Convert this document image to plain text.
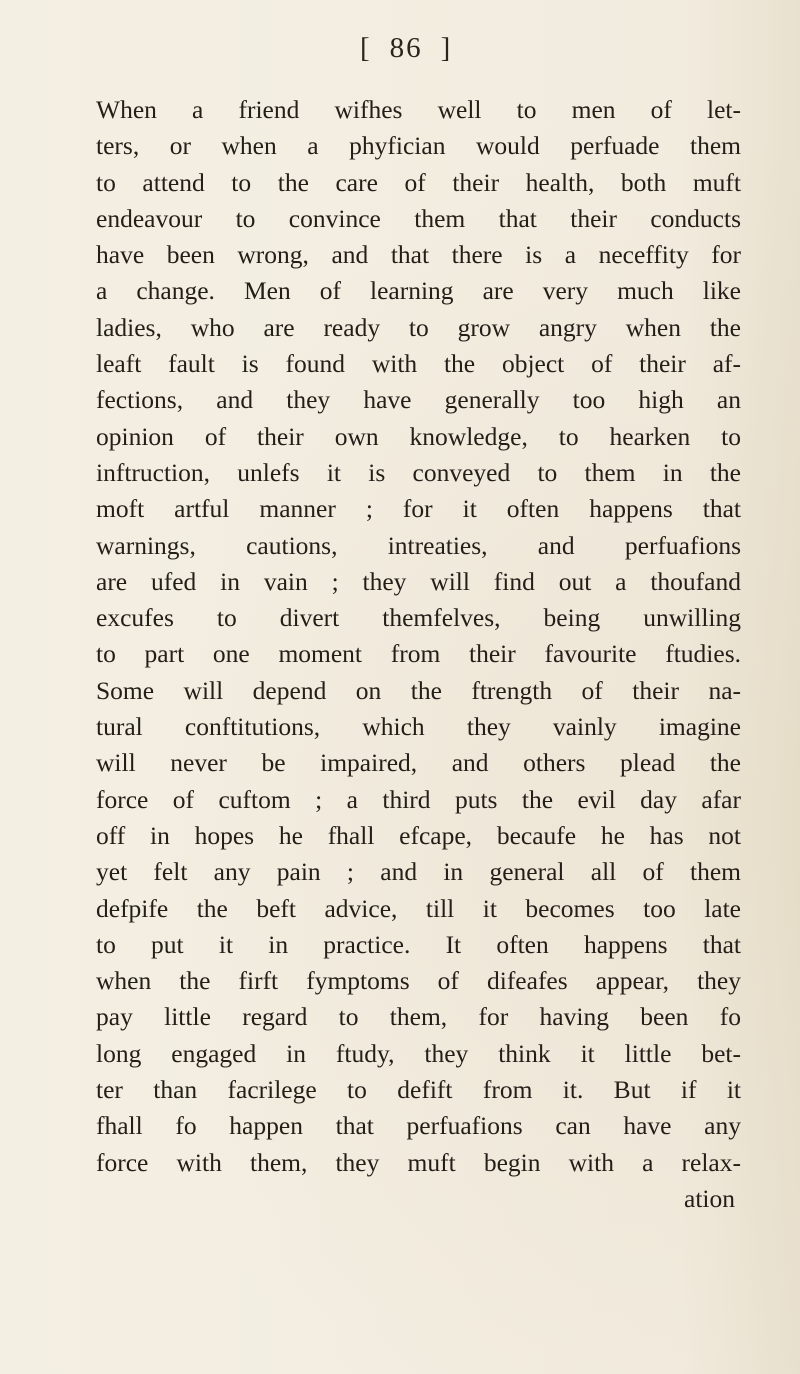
[ 86 ]
When a friend wifhes well to men of let-
ters, or when a phyfician would perfuade them
to attend to the care of their health, both muft
endeavour to convince them that their conducts
have been wrong, and that there is a neceffity for
a change. Men of learning are very much like
ladies, who are ready to grow angry when the
leaft fault is found with the object of their af-
fections, and they have generally too high an
opinion of their own knowledge, to hearken to
inftruction, unlefs it is conveyed to them in the
moft artful manner ; for it often happens that
warnings, cautions, intreaties, and perfuafions
are ufed in vain ; they will find out a thoufand
excufes to divert themfelves, being unwilling
to part one moment from their favourite ftudies.
Some will depend on the ftrength of their na-
tural conftitutions, which they vainly imagine
will never be impaired, and others plead the
force of cuftom ; a third puts the evil day afar
off in hopes he fhall efcape, becaufe he has not
yet felt any pain ; and in general all of them
defpife the beft advice, till it becomes too late
to put it in practice. It often happens that
when the firft fymptoms of difeafes appear, they
pay little regard to them, for having been fo
long engaged in ftudy, they think it little bet-
ter than facrilege to defift from it. But if it
fhall fo happen that perfuafions can have any
force with them, they muft begin with a relax-
ation
